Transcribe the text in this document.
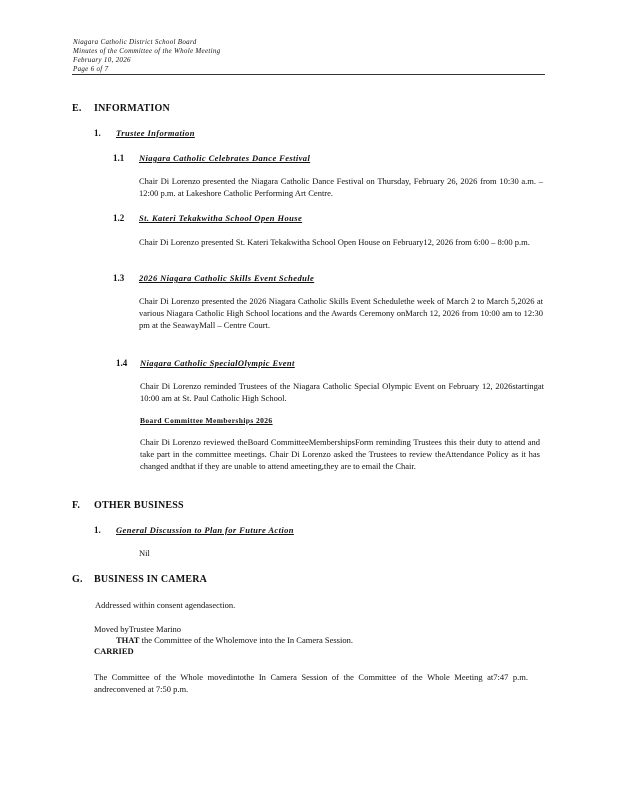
Niagara Catholic District School Board
Minutes of the Committee of the Whole Meeting
February 10, 2026
Page 6 of 7
E. INFORMATION
1. Trustee Information
1.1 Niagara Catholic Celebrates Dance Festival
Chair Di Lorenzo presented the Niagara Catholic Dance Festival on Thursday, February 26, 2026 from 10:30 a.m. –12:00 p.m. at Lakeshore Catholic Performing Art Centre.
1.2 St. Kateri Tekakwitha School Open House
Chair Di Lorenzo presented St. Kateri Tekakwitha School Open House on February12, 2026 from 6:00 – 8:00 p.m.
1.3 2026 Niagara Catholic Skills Event Schedule
Chair Di Lorenzo presented the 2026 Niagara Catholic Skills Event Schedulethe week of March 2 to March 5,2026 at various Niagara Catholic High School locations and the Awards Ceremony onMarch 12, 2026 from 10:00 am to 12:30 pm at the SeawayMall – Centre Court.
1.4 Niagara Catholic SpecialOlympic Event
Chair Di Lorenzo reminded Trustees of the Niagara Catholic Special Olympic Event on February 12, 2026startingat 10:00 am at St. Paul Catholic High School.
Board Committee Memberships 2026
Chair Di Lorenzo reviewed theBoard CommitteeMembershipsForm reminding Trustees this their duty to attend and take part in the committee meetings. Chair Di Lorenzo asked the Trustees to review theAttendance Policy as it has changed andthat if they are unable to attend ameeting,they are to email the Chair.
F. OTHER BUSINESS
1. General Discussion to Plan for Future Action
Nil
G. BUSINESS IN CAMERA
Addressed within consent agendasection.
Moved byTrustee Marino
THAT the Committee of the Wholemove into the In Camera Session.
CARRIED
The Committee of the Whole movedintothe In Camera Session of the Committee of the Whole Meeting at7:47 p.m. andreconvened at 7:50 p.m.
